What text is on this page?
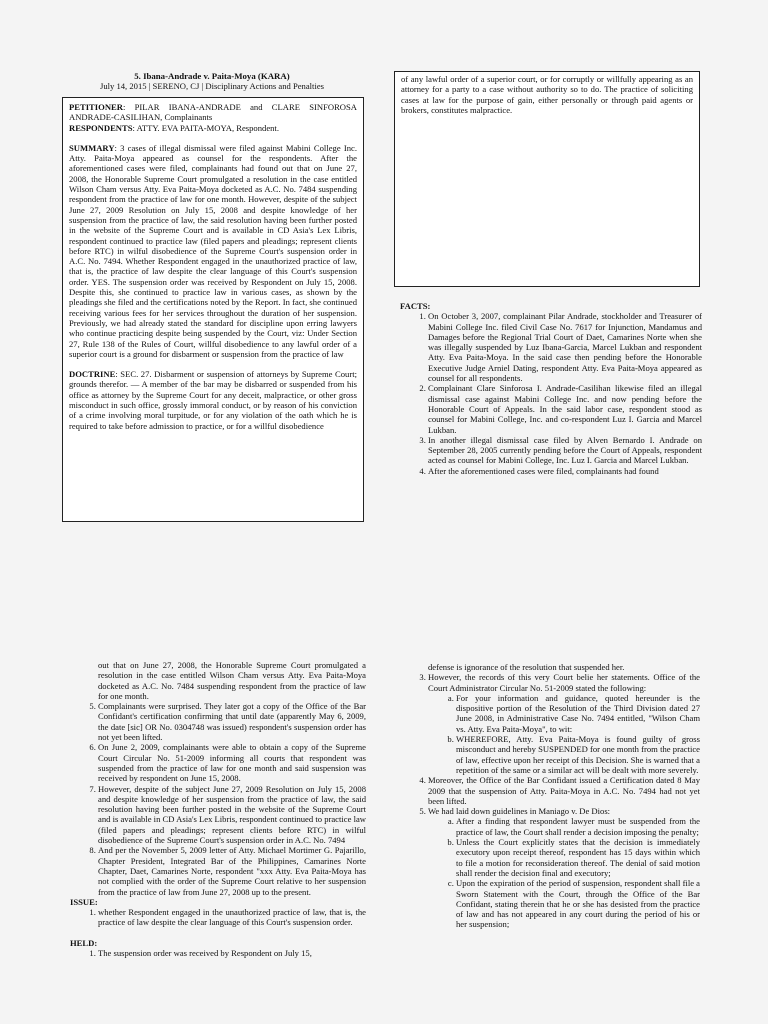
5. Ibana-Andrade v. Paita-Moya (KARA)

July 14, 2015 | SERENO, CJ | Disciplinary Actions and Penalties

PETITIONER: PILAR IBANA-ANDRADE and CLARE SINFOROSA ANDRADE-CASILIHAN, Complainants

RESPONDENTS: ATTY. EVA PAITA-MOYA, Respondent.

SUMMARY: 3 cases of illegal dismissal were filed against Mabini College Inc. Atty. Paita-Moya appeared as counsel for the respondents. After the aforementioned cases were filed, complainants had found out that on June 27, 2008, the Honorable Supreme Court promulgated a resolution in the case entitled Wilson Cham versus Atty. Eva Paita-Moya docketed as A.C. No. 7484 suspending respondent from the practice of law for one month. However, despite of the subject June 27, 2009 Resolution on July 15, 2008 and despite knowledge of her suspension from the practice of law, the said resolution having been further posted in the website of the Supreme Court and is available in CD Asia's Lex Libris, respondent continued to practice law (filed papers and pleadings; represent clients before RTC) in wilful disobedience of the Supreme Court's suspension order in A.C. No. 7494. Whether Respondent engaged in the unauthorized practice of law, that is, the practice of law despite the clear language of this Court's suspension order. YES. The suspension order was received by Respondent on July 15, 2008. Despite this, she continued to practice law in various cases, as shown by the pleadings she filed and the certifications noted by the Report. In fact, she continued receiving various fees for her services throughout the duration of her suspension. Previously, we had already stated the standard for discipline upon erring lawyers who continue practicing despite being suspended by the Court, viz: Under Section 27, Rule 138 of the Rules of Court, willful disobedience to any lawful order of a superior court is a ground for disbarment or suspension from the practice of law

DOCTRINE: SEC. 27. Disbarment or suspension of attorneys by Supreme Court; grounds therefor. — A member of the bar may be disbarred or suspended from his office as attorney by the Supreme Court for any deceit, malpractice, or other gross misconduct in such office, grossly immoral conduct, or by reason of his conviction of a crime involving moral turpitude, or for any violation of the oath which he is required to take before admission to practice, or for a willful disobedience

of any lawful order of a superior court, or for corruptly or willfully appearing as an attorney for a party to a case without authority so to do. The practice of soliciting cases at law for the purpose of gain, either personally or through paid agents or brokers, constitutes malpractice.

FACTS:

1. On October 3, 2007, complainant Pilar Andrade, stockholder and Treasurer of Mabini College Inc. filed Civil Case No. 7617 for Injunction, Mandamus and Damages before the Regional Trial Court of Daet, Camarines Norte when she was illegally suspended by Luz Ibana-Garcia, Marcel Lukban and respondent Atty. Eva Paita-Moya. In the said case then pending before the Honorable Executive Judge Arniel Dating, respondent Atty. Eva Paita-Moya appeared as counsel for all respondents.
2. Complainant Clare Sinforosa I. Andrade-Casilihan likewise filed an illegal dismissal case against Mabini College Inc. and now pending before the Honorable Court of Appeals. In the said labor case, respondent stood as counsel for Mabini College, Inc. and co-respondent Luz I. Garcia and Marcel Lukban.
3. In another illegal dismissal case filed by Alven Bernardo I. Andrade on September 28, 2005 currently pending before the Court of Appeals, respondent acted as counsel for Mabini College, Inc. Luz I. Garcia and Marcel Lukban.
4. After the aforementioned cases were filed, complainants had found

out that on June 27, 2008, the Honorable Supreme Court promulgated a resolution in the case entitled Wilson Cham versus Atty. Eva Paita-Moya docketed as A.C. No. 7484 suspending respondent from the practice of law for one month.

5. Complainants were surprised. They later got a copy of the Office of the Bar Confidant's certification confirming that until date (apparently May 6, 2009, the date [sic] OR No. 0304748 was issued) respondent's suspension order has not yet been lifted.
6. On June 2, 2009, complainants were able to obtain a copy of the Supreme Court Circular No. 51-2009 informing all courts that respondent was suspended from the practice of law for one month and said suspension was received by respondent on June 15, 2008.
7. However, despite of the subject June 27, 2009 Resolution on July 15, 2008 and despite knowledge of her suspension from the practice of law, the said resolution having been further posted in the website of the Supreme Court and is available in CD Asia's Lex Libris, respondent continued to practice law (filed papers and pleadings; represent clients before RTC) in wilful disobedience of the Supreme Court's suspension order in A.C. No. 7494
8. And per the November 5, 2009 letter of Atty. Michael Mortimer G. Pajarillo, Chapter President, Integrated Bar of the Philippines, Camarines Norte Chapter, Daet, Camarines Norte, respondent "xxx Atty. Eva Paita-Moya has not complied with the order of the Supreme Court relative to her suspension from the practice of law from June 27, 2008 up to the present.

ISSUE:

1. whether Respondent engaged in the unauthorized practice of law, that is, the practice of law despite the clear language of this Court's suspension order.

HELD:

1. The suspension order was received by Respondent on July 15,

defense is ignorance of the resolution that suspended her.

3. However, the records of this very Court belie her statements. Office of the Court Administrator Circular No. 51-2009 stated the following:
a. For your information and guidance, quoted hereunder is the dispositive portion of the Resolution of the Third Division dated 27 June 2008, in Administrative Case No. 7494 entitled, "Wilson Cham vs. Atty. Eva Paita-Moya", to wit:
b. WHEREFORE, Atty. Eva Paita-Moya is found guilty of gross misconduct and hereby SUSPENDED for one month from the practice of law, effective upon her receipt of this Decision. She is warned that a repetition of the same or a similar act will be dealt with more severely.
4. Moreover, the Office of the Bar Confidant issued a Certification dated 8 May 2009 that the suspension of Atty. Paita-Moya in A.C. No. 7494 had not yet been lifted.
5. We had laid down guidelines in Maniago v. De Dios:
a. After a finding that respondent lawyer must be suspended from the practice of law, the Court shall render a decision imposing the penalty;
b. Unless the Court explicitly states that the decision is immediately executory upon receipt thereof, respondent has 15 days within which to file a motion for reconsideration thereof. The denial of said motion shall render the decision final and executory;
c. Upon the expiration of the period of suspension, respondent shall file a Sworn Statement with the Court, through the Office of the Bar Confidant, stating therein that he or she has desisted from the practice of law and has not appeared in any court during the period of his or her suspension;
